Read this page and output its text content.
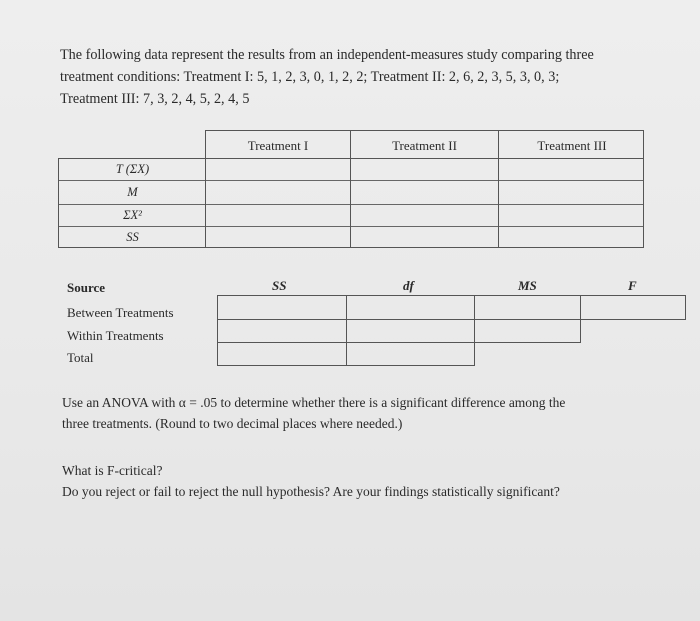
The following data represent the results from an independent-measures study comparing three
treatment conditions: Treatment I: 5, 1, 2, 3, 0, 1, 2, 2; Treatment II: 2, 6, 2, 3, 5, 3, 0, 3;
Treatment III: 7, 3, 2, 4, 5, 2, 4, 5
Treatment I	Treatment II	Treatment III
T (ΣX)
M
ΣX²
SS
Source	SS	df	MS	F
Between Treatments
Within Treatments
Total
Use an ANOVA with α = .05 to determine whether there is a significant difference among the
three treatments. (Round to two decimal places where needed.)
What is F-critical?
Do you reject or fail to reject the null hypothesis? Are your findings statistically significant?
